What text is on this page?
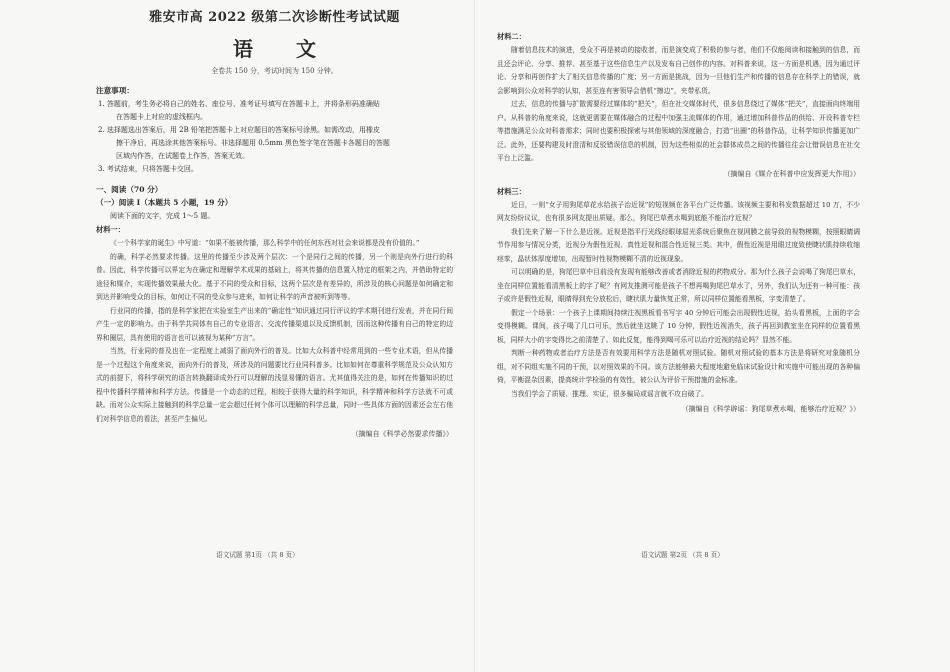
雅安市高 2022 级第二次诊断性考试试题
语 文
全卷共 150 分，考试时间为 150 分钟。
注意事项：

1. 答题前，考生务必将自己的姓名、座位号、准考证号填写在答题卡上，并将条形码准确贴

在答题卡上对应的虚线框内。

2. 选择题选出答案后，用 2B 铅笔把答题卡上对应题目的答案标号涂黑。如需改动，用橡皮

擦干净后，再选涂其他答案标号。非选择题用 0.5mm 黑色签字笔在答题卡各题目的答题

区域内作答，在试题卷上作答，答案无效。

3. 考试结束，只将答题卡交回。

一、阅读（70 分）
（一）阅读 I（本题共 5 小题，19 分）

阅读下面的文字，完成 1～5 题。

材料一：

《一个科学家的诞生》中写道：“如果不能被传播，那么科学中的任何东西对社会来说都是没有价值的。”

的确，科学必然要求传播。这里的传播至少涉及两个层次：一个是同行之间的传播，另一个则是向外行进行的科普。因此，科学传播可以界定为在确定和理解学术成果的基础上，将其传播的信息置入特定的框架之内，并借助特定的途径和媒介，实现传播效果最大化。基于不同的受众和目标，这两个层次是有差异的，所涉及的核心问题是如何确定和到达并影响受众的目标，如何让不同的受众参与进来，如何让科学的声音被听到等等。

行业同的传播，指的是科学家把在实验室生产出来的“确定性”知识通过同行评议的学术期刊进行发表，并在同行间产生一定的影响力。由于科学共同体有自己的专业语言、交流传播渠道以及反馈机制，因而这种传播有自己的特定的边界和圈层，具有使用的语言也可以被视为某种“方言”。

当然，行业同的普及也在一定程度上减弱了面向外行的普及。比如大众科普中经常用到的一些专业术语，但从传播是一个过程这个角度来说，面向外行的普及，所涉及的问题要比行业同科普多。比如如何在尊重科学规范及公众认知方式的前提下，将科学研究的语言转换翻译成外行可以理解的浅显易懂的语言。尤其值得关注的是，如何在传播知识的过程中传播科学精神和科学方法。传播是一个动态的过程，相较于获得大量的科学知识，科学精神和科学方法就不可或缺。而对公众实际上接触到的科学总量一定会超过任何个体可以理解的科学总量，同时一些具体方面的因素还会左右他们对科学信息的看法，甚至产生偏见。

（摘编自《科学必然要求传播》）
语文试题 第1页 （共 8 页）
材料二：

随着信息技术的演进，受众不再是被动的接收者，而是演变成了积极的参与者，他们不仅能阅读和接触到的信息，而且还会评论、分享、推荐、甚至基于这些信息生产以及发布自己创作的内容。对科普来说，这一方面是机遇，因为通过评论、分享和再创作扩大了相关信息传播的广度；另一方面是挑战，因为一旦他们生产和传播的信息存在科学上的错误，就会影响到公众对科学的认知，甚至连有害领导会借机“擦边”，夹带私货。

过去，信息的传播与扩散需要经过媒体的“把关”，但在社交媒体时代，很多信息绕过了媒体“把关”，直接面向终端用户。从科普的角度来说，这就更需要在媒体融合的过程中加强主流媒体的作用，通过增加科普作品的供给、开设科普专栏等措施满足公众对科普需求；同时也要积极探索与其他领域的深度融合，打造“出圈”的科普作品，让科学知识传播更加广泛。此外，还要构建及时澄清和反驳错误信息的机制，因为这些相似的社会群体成员之间的传播往往会让错误信息在社交平台上泛滥。

（摘编自《媒介在科普中应发挥更大作用》）
材料三：

近日，一则“女子用狗尾草花水给孩子治近视”的短视频在各平台广泛传播。该视频主要和科发数据超过 10 万，不少网友纷纷议议，也有很多网友提出质疑。那么，狗尾巴草煮水喝到底能不能治疗近视？

我们先来了解一下什么是近视。近视是指平行光线经眼球屈光系统后聚焦在视网膜之前导致的视物模糊，按照眼睛调节作用参与情况分类，近视分为假性近视、真性近视和混合性近视三类。其中，假性近视是用眼过度致使睫状肌持续收缩痉挛，晶状体厚度增加，出现暂时性视物模糊不清的近视现象。

可以明确的是，狗尾巴草中目前没有发现有能够改善或者消除近视的药物成分。那为什么孩子会说喝了狗尾巴草水，坐在同样位置能看清黑板上的字了呢？有网友推测可能是孩子不想再喝狗尾巴草水了，另外，我们认为还有一种可能：孩子或许是假性近视，眼睛得到充分放松后，睫状肌力量恢复正常，所以同样位置能看黑板，字变清楚了。

假定一个场景：一个孩子上课期间持续注视黑板看书写字 40 分钟后可能会出现假性近视，抬头看黑板，上面的字会变得模糊。课间，孩子喝了几口可乐，然后就坐这眺了 10 分钟，假性近视消失，孩子再回到教室坐在同样的位置看黑板，同样大小的字变得比之前清楚了。如此反复，能得到喝可乐可以治疗近视的结论吗？显然不能。

判断一种药物或者治疗方法是否有效要用科学方法是随机对照试验。随机对照试验的基本方法是将研究对象随机分组，对不同组实施不同的干预，以对照效果的不同。该方法能够最大程度地避免临床试验设计和实施中可能出现的各种偏倚，平衡混杂因素，提高统计学检验的有效性，被公认为评价干预措施的金标准。

当我们学会了质疑、推理、实证，很多骗局或谣言就不攻自破了。

（摘编自《科学辟谣：狗尾草煮水喝，能够治疗近视？》）
语文试题 第2页 （共 8 页）
